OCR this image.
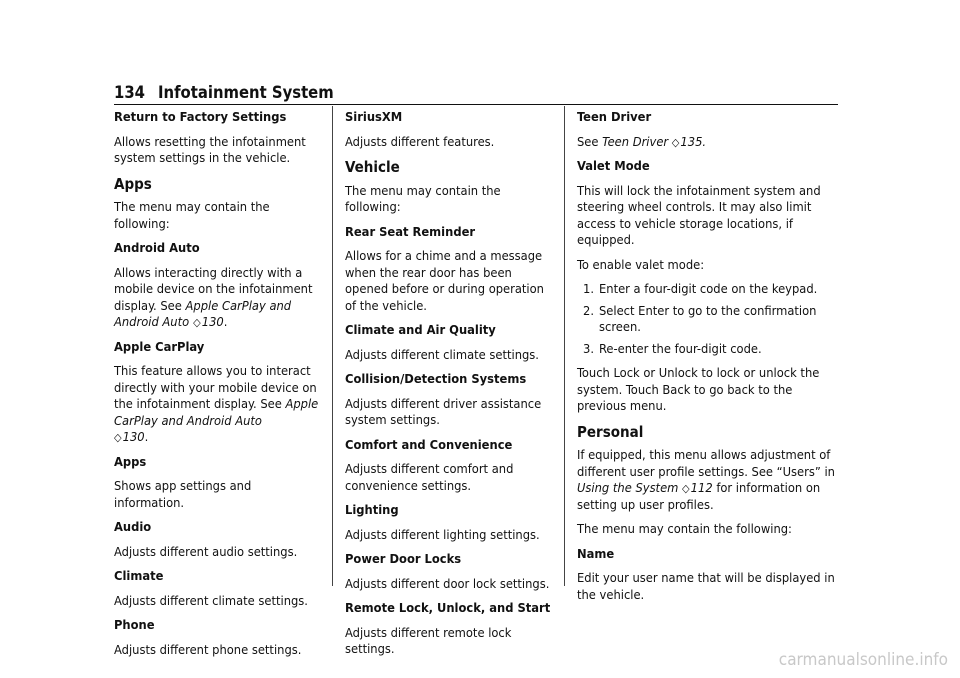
134 Infotainment System
Return to Factory Settings
Allows resetting the infotainment system settings in the vehicle.
Apps
The menu may contain the following:
Android Auto
Allows interacting directly with a mobile device on the infotainment display. See Apple CarPlay and Android Auto ◇130.
Apple CarPlay
This feature allows you to interact directly with your mobile device on the infotainment display. See Apple CarPlay and Android Auto
◇130.
Apps
Shows app settings and information.
Audio
Adjusts different audio settings.
Climate
Adjusts different climate settings.
Phone
Adjusts different phone settings.
SiriusXM
Adjusts different features.
Vehicle
The menu may contain the following:
Rear Seat Reminder
Allows for a chime and a message when the rear door has been opened before or during operation of the vehicle.
Climate and Air Quality
Adjusts different climate settings.
Collision/Detection Systems
Adjusts different driver assistance system settings.
Comfort and Convenience
Adjusts different comfort and convenience settings.
Lighting
Adjusts different lighting settings.
Power Door Locks
Adjusts different door lock settings.
Remote Lock, Unlock, and Start
Adjusts different remote lock settings.
Teen Driver
See Teen Driver ◇135.
Valet Mode
This will lock the infotainment system and steering wheel controls. It may also limit access to vehicle storage locations, if equipped.
To enable valet mode:
1. Enter a four-digit code on the keypad.
2. Select Enter to go to the confirmation screen.
3. Re-enter the four-digit code.
Touch Lock or Unlock to lock or unlock the system. Touch Back to go back to the previous menu.
Personal
If equipped, this menu allows adjustment of different user profile settings. See “Users” in Using the System ◇112 for information on setting up user profiles.
The menu may contain the following:
Name
Edit your user name that will be displayed in the vehicle.
carmanualsonline.info
